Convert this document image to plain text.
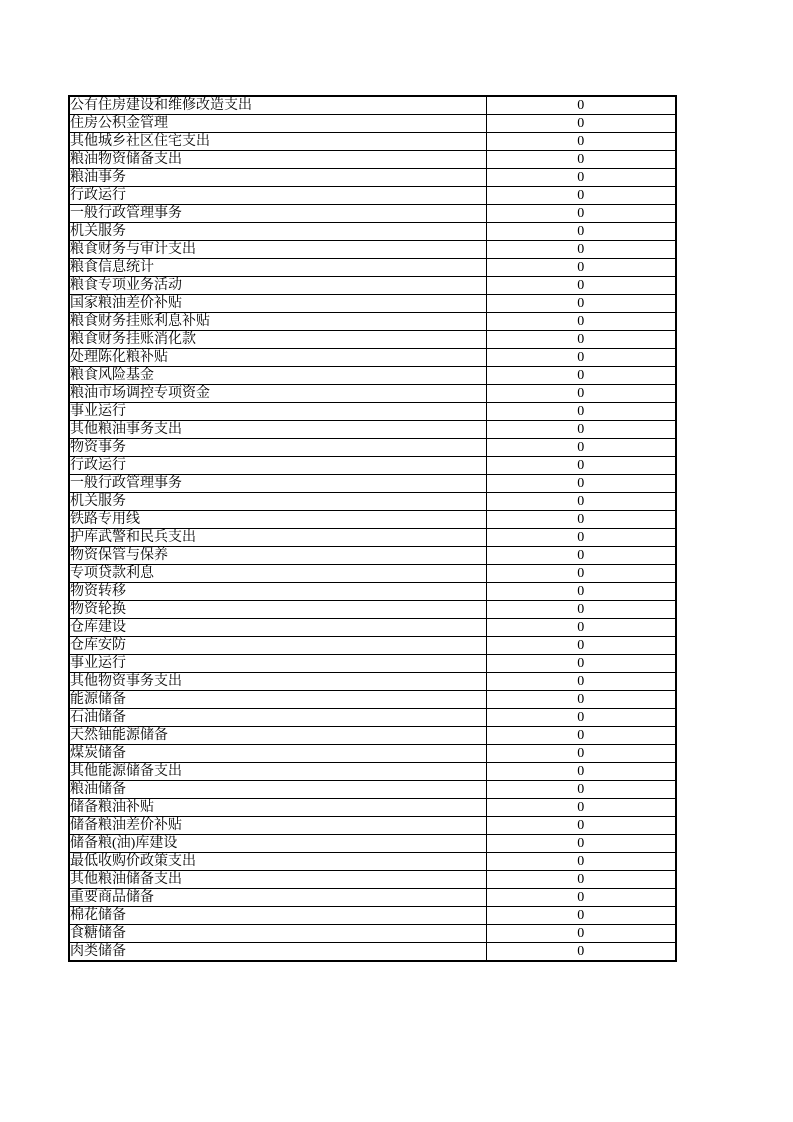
公有住房建设和维修改造支出	0
住房公积金管理	0
其他城乡社区住宅支出	0
粮油物资储备支出	0
粮油事务	0
行政运行	0
一般行政管理事务	0
机关服务	0
粮食财务与审计支出	0
粮食信息统计	0
粮食专项业务活动	0
国家粮油差价补贴	0
粮食财务挂账利息补贴	0
粮食财务挂账消化款	0
处理陈化粮补贴	0
粮食风险基金	0
粮油市场调控专项资金	0
事业运行	0
其他粮油事务支出	0
物资事务	0
行政运行	0
一般行政管理事务	0
机关服务	0
铁路专用线	0
护库武警和民兵支出	0
物资保管与保养	0
专项贷款利息	0
物资转移	0
物资轮换	0
仓库建设	0
仓库安防	0
事业运行	0
其他物资事务支出	0
能源储备	0
石油储备	0
天然铀能源储备	0
煤炭储备	0
其他能源储备支出	0
粮油储备	0
储备粮油补贴	0
储备粮油差价补贴	0
储备粮(油)库建设	0
最低收购价政策支出	0
其他粮油储备支出	0
重要商品储备	0
棉花储备	0
食糖储备	0
肉类储备	0
